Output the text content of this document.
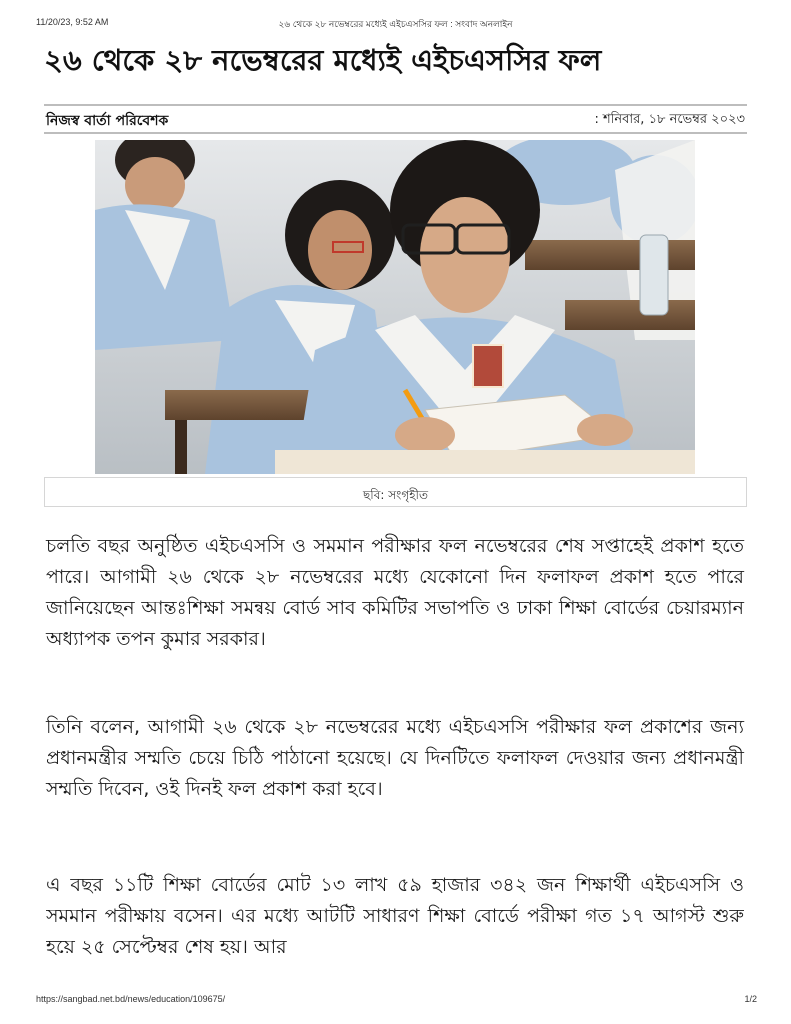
11/20/23, 9:52 AM	২৬ থেকে ২৮ নভেম্বরের মধ্যেই এইচএসসির ফল : সংবাদ অনলাইন
২৬ থেকে ২৮ নভেম্বরের মধ্যেই এইচএসসির ফল
নিজস্ব বার্তা পরিবেশক	: শনিবার, ১৮ নভেম্বর ২০২৩
$_{ছবি: সংগৃহীত}$

চলতি বছর অনুষ্ঠিত এইচএসসি ও সমমান পরীক্ষার ফল নভেম্বরের শেষ সপ্তাহেই প্রকাশ হতে পারে। আগামী ২৬ থেকে ২৮ নভেম্বরের মধ্যে যেকোনো দিন ফলাফল প্রকাশ হতে পারে জানিয়েছেন আন্তঃশিক্ষা সমন্বয় বোর্ড সাব কমিটির সভাপতি ও ঢাকা শিক্ষা বোর্ডের চেয়ারম্যান অধ্যাপক তপন কুমার সরকার।

তিনি বলেন, আগামী ২৬ থেকে ২৮ নভেম্বরের মধ্যে এইচএসসি পরীক্ষার ফল প্রকাশের জন্য প্রধানমন্ত্রীর সম্মতি চেয়ে চিঠি পাঠানো হয়েছে। যে দিনটিতে ফলাফল দেওয়ার জন্য প্রধানমন্ত্রী সম্মতি দিবেন, ওই দিনই ফল প্রকাশ করা হবে।

এ বছর ১১টি শিক্ষা বোর্ডের মোট ১৩ লাখ ৫৯ হাজার ৩৪২ জন শিক্ষার্থী এইচএসসি ও সমমান পরীক্ষায় বসেন। এর মধ্যে আটটি সাধারণ শিক্ষা বোর্ডে পরীক্ষা গত ১৭ আগস্ট শুরু হয়ে ২৫ সেপ্টেম্বর শেষ হয়। আর

https://sangbad.net.bd/news/education/109675/	1/2
